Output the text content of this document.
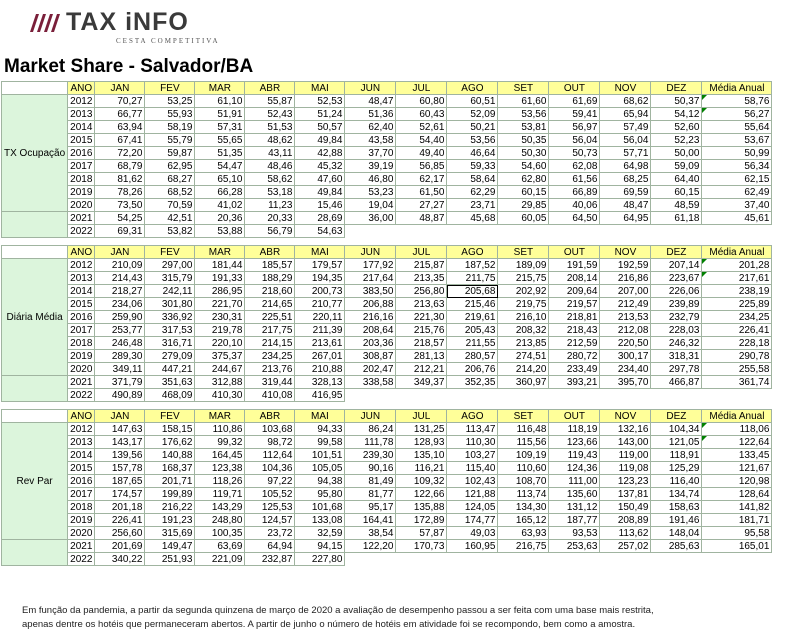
TAX iNFO
CESTA COMPETITIVA
Market Share - Salvador/BA
	ANO	JAN	FEV	MAR	ABR	MAI	JUN	JUL	AGO	SET	OUT	NOV	DEZ	Média Anual
TX Ocupação	2012	70,27	53,25	61,10	55,87	52,53	48,47	60,80	60,51	61,60	61,69	68,62	50,37	58,76

	2013	66,77	55,93	51,91	52,43	51,24	51,36	60,43	52,09	53,56	59,41	65,94	54,12	56,27

	2014	63,94	58,19	57,31	51,53	50,57	62,40	52,61	50,21	53,81	56,97	57,49	52,60	55,64
	2015	67,41	55,79	55,65	48,62	49,84	43,58	54,40	53,56	50,35	56,04	56,04	52,23	53,67
	2016	72,20	59,87	51,35	43,11	42,88	37,70	49,40	46,64	50,30	50,73	57,71	50,00	50,99
	2017	68,79	62,95	54,47	48,46	45,32	39,19	56,85	59,33	54,60	62,08	64,98	59,09	56,34
	2018	81,62	68,27	65,10	58,62	47,60	46,80	62,17	58,64	62,80	61,56	68,25	64,40	62,15
	2019	78,26	68,52	66,28	53,18	49,84	53,23	61,50	62,29	60,15	66,89	69,59	60,15	62,49
	2020	73,50	70,59	41,02	11,23	15,46	19,04	27,27	23,71	29,85	40,06	48,47	48,59	37,40
	2021	54,25	42,51	20,36	20,33	28,69	36,00	48,87	45,68	60,05	64,50	64,95	61,18	45,61
	2022	69,31	53,82	53,88	56,79	54,63								

	ANO	JAN	FEV	MAR	ABR	MAI	JUN	JUL	AGO	SET	OUT	NOV	DEZ	Média Anual
Diária Média	2012	210,09	297,00	181,44	185,57	179,57	177,92	215,87	187,52	189,09	191,59	192,59	207,14	201,28

	2013	214,43	315,79	191,33	188,29	194,35	217,64	213,35	211,75	215,75	208,14	216,86	223,67	217,61

	2014	218,27	242,11	286,95	218,60	200,73	383,50	256,80	205,68	202,92	209,64	207,00	226,06	238,19
	2015	234,06	301,80	221,70	214,65	210,77	206,88	213,63	215,46	219,75	219,57	212,49	239,89	225,89
	2016	259,90	336,92	230,31	225,51	220,11	216,16	221,30	219,61	216,10	218,81	213,53	232,79	234,25
	2017	253,77	317,53	219,78	217,75	211,39	208,64	215,76	205,43	208,32	218,43	212,08	228,03	226,41
	2018	246,48	316,71	220,10	214,15	213,61	203,36	218,57	211,55	213,85	212,59	220,50	246,32	228,18
	2019	289,30	279,09	375,37	234,25	267,01	308,87	281,13	280,57	274,51	280,72	300,17	318,31	290,78
	2020	349,11	447,21	244,67	213,76	210,88	202,47	212,21	206,76	214,20	233,49	234,40	297,78	255,58
	2021	371,79	351,63	312,88	319,44	328,13	338,58	349,37	352,35	360,97	393,21	395,70	466,87	361,74
	2022	490,89	468,09	410,30	410,08	416,95								

	ANO	JAN	FEV	MAR	ABR	MAI	JUN	JUL	AGO	SET	OUT	NOV	DEZ	Média Anual
Rev Par	2012	147,63	158,15	110,86	103,68	94,33	86,24	131,25	113,47	116,48	118,19	132,16	104,34	118,06

	2013	143,17	176,62	99,32	98,72	99,58	111,78	128,93	110,30	115,56	123,66	143,00	121,05	122,64

	2014	139,56	140,88	164,45	112,64	101,51	239,30	135,10	103,27	109,19	119,43	119,00	118,91	133,45
	2015	157,78	168,37	123,38	104,36	105,05	90,16	116,21	115,40	110,60	124,36	119,08	125,29	121,67
	2016	187,65	201,71	118,26	97,22	94,38	81,49	109,32	102,43	108,70	111,00	123,23	116,40	120,98
	2017	174,57	199,89	119,71	105,52	95,80	81,77	122,66	121,88	113,74	135,60	137,81	134,74	128,64
	2018	201,18	216,22	143,29	125,53	101,68	95,17	135,88	124,05	134,30	131,12	150,49	158,63	141,82
	2019	226,41	191,23	248,80	124,57	133,08	164,41	172,89	174,77	165,12	187,77	208,89	191,46	181,71
	2020	256,60	315,69	100,35	23,72	32,59	38,54	57,87	49,03	63,93	93,53	113,62	148,04	95,58
	2021	201,69	149,47	63,69	64,94	94,15	122,20	170,73	160,95	216,75	253,63	257,02	285,63	165,01
	2022	340,22	251,93	221,09	232,87	227,80								
Em função da pandemia, a partir da segunda quinzena de março de 2020 a avaliação de desempenho passou a ser feita com uma base mais restrita,
apenas dentre os hotéis que permaneceram abertos. A partir de junho o número de hotéis em atividade foi se recompondo, bem como a amostra.
